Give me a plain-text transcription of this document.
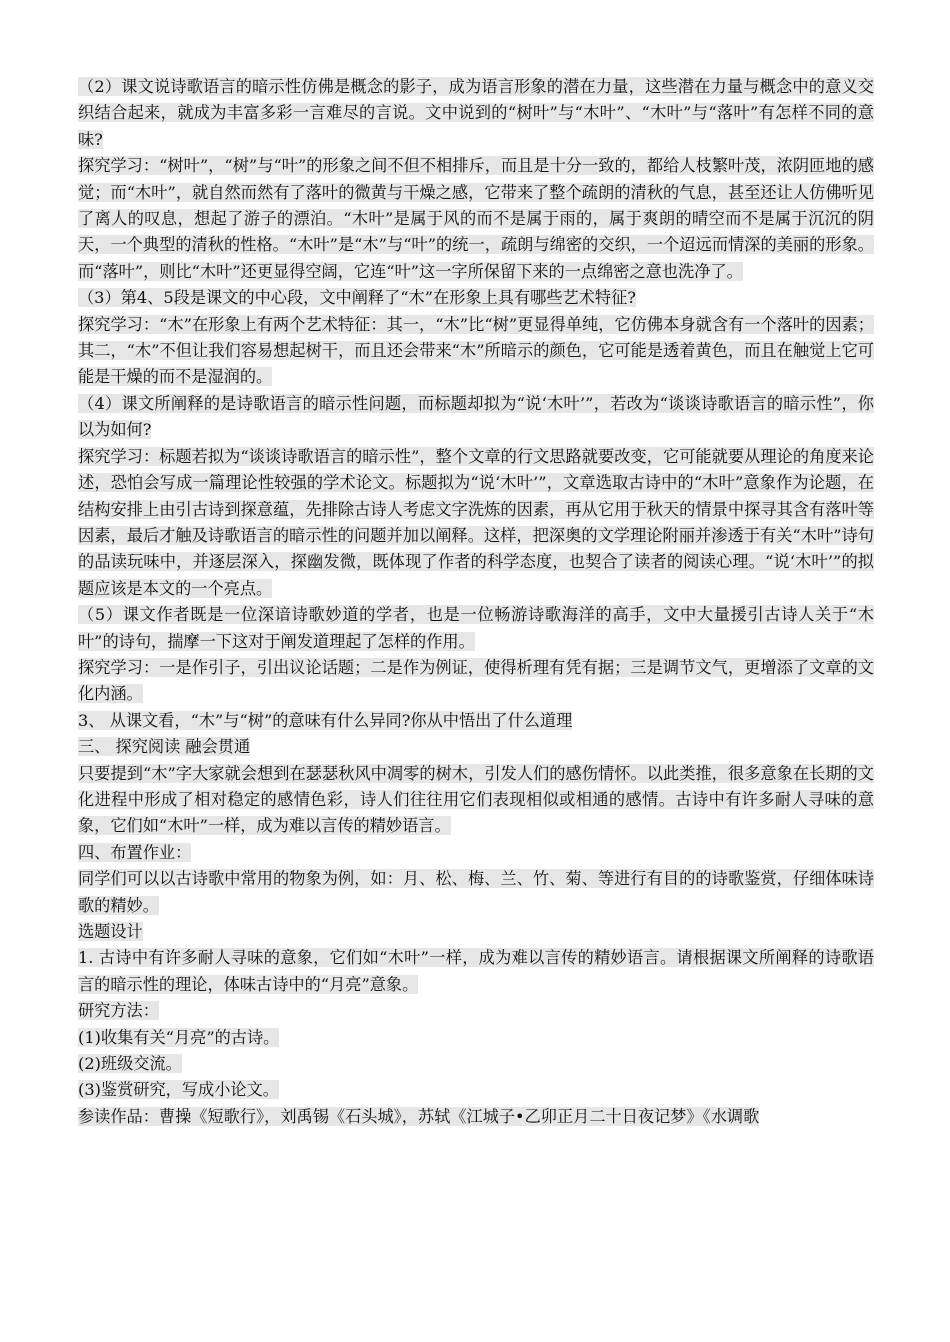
（2）课文说诗歌语言的暗示性仿佛是概念的影子，成为语言形象的潜在力量，这些潜在力量与概念中的意义交织结合起来，就成为丰富多彩一言难尽的言说。文中说到的“树叶”与“木叶”、“木叶”与“落叶”有怎样不同的意味?

探究学习：“树叶”，“树”与“叶”的形象之间不但不相排斥，而且是十分一致的，都给人枝繁叶茂，浓阴匝地的感觉；而“木叶”，就自然而然有了落叶的微黄与干燥之感，它带来了整个疏朗的清秋的气息，甚至还让人仿佛听见了离人的叹息，想起了游子的漂泊。“木叶”是属于风的而不是属于雨的，属于爽朗的晴空而不是属于沉沉的阴天，一个典型的清秋的性格。“木叶”是“木”与“叶”的统一，疏朗与绵密的交织，一个迢远而情深的美丽的形象。而“落叶”，则比“木叶”还更显得空阔，它连“叶”这一字所保留下来的一点绵密之意也洗净了。

（3）第4、5段是课文的中心段，文中阐释了“木”在形象上具有哪些艺术特征?

探究学习：“木”在形象上有两个艺术特征：其一，“木”比“树”更显得单纯，它仿佛本身就含有一个落叶的因素；其二，“木”不但让我们容易想起树干，而且还会带来“木”所暗示的颜色，它可能是透着黄色，而且在触觉上它可能是干燥的而不是湿润的。

（4）课文所阐释的是诗歌语言的暗示性问题，而标题却拟为“说‘木叶’”，若改为“谈谈诗歌语言的暗示性”，你以为如何?

探究学习：标题若拟为“谈谈诗歌语言的暗示性”，整个文章的行文思路就要改变，它可能就要从理论的角度来论述，恐怕会写成一篇理论性较强的学术论文。标题拟为“说‘木叶’”，文章选取古诗中的“木叶”意象作为论题，在结构安排上由引古诗到探意蕴，先排除古诗人考虑文字洗炼的因素，再从它用于秋天的情景中探寻其含有落叶等因素，最后才触及诗歌语言的暗示性的问题并加以阐释。这样，把深奥的文学理论附丽并渗透于有关“木叶”诗句的品读玩味中，并逐层深入，探幽发微，既体现了作者的科学态度，也契合了读者的阅读心理。“说‘木叶’”的拟题应该是本文的一个亮点。

（5）课文作者既是一位深谙诗歌妙道的学者，也是一位畅游诗歌海洋的高手，文中大量援引古诗人关于“木叶”的诗句，揣摩一下这对于阐发道理起了怎样的作用。

探究学习：一是作引子，引出议论话题；二是作为例证，使得析理有凭有据；三是调节文气，更增添了文章的文化内涵。

3、 从课文看，“木”与“树”的意味有什么异同?你从中悟出了什么道理

三、 探究阅读 融会贯通

只要提到“木”字大家就会想到在瑟瑟秋风中凋零的树木，引发人们的感伤情怀。以此类推，很多意象在长期的文化进程中形成了相对稳定的感情色彩，诗人们往往用它们表现相似或相通的感情。古诗中有许多耐人寻味的意象，它们如“木叶”一样，成为难以言传的精妙语言。

四、布置作业：

同学们可以以古诗歌中常用的物象为例，如：月、松、梅、兰、竹、菊、等进行有目的的诗歌鉴赏，仔细体味诗歌的精妙。

选题设计

1. 古诗中有许多耐人寻味的意象，它们如“木叶”一样，成为难以言传的精妙语言。请根据课文所阐释的诗歌语言的暗示性的理论，体味古诗中的“月亮”意象。

研究方法：

(1)收集有关“月亮”的古诗。

(2)班级交流。

(3)鉴赏研究，写成小论文。

参读作品：曹操《短歌行》，刘禹锡《石头城》，苏轼《江城子•乙卯正月二十日夜记梦》《水调歌
